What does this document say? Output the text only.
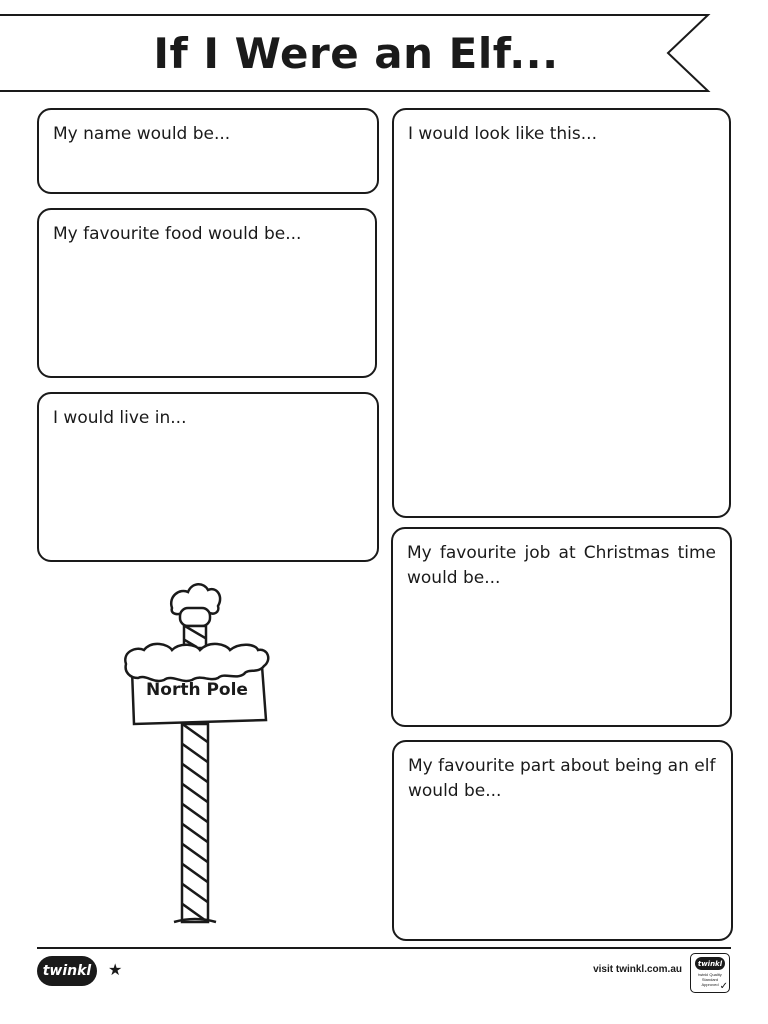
If I Were an Elf...
My name would be...
My favourite food would be...
I would live in...
I would look like this...
My favourite job at Christmas time would be...
My favourite part about being an elf would be...
North Pole
twinkl ★	visit twinkl.com.au
twinkl
twinkl Quality Standard Approved ✓
